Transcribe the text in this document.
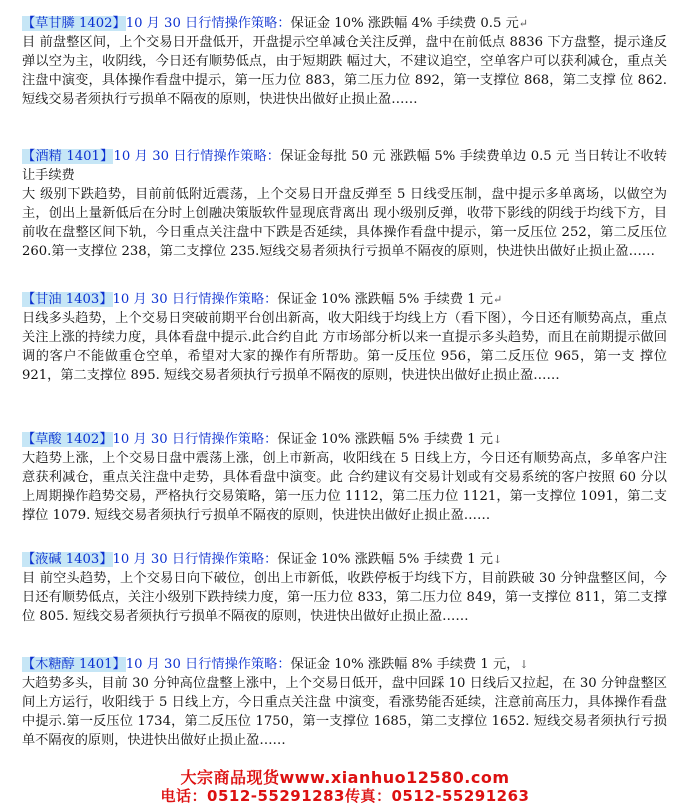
【草甘膦 1402】10 月 30 日行情操作策略：保证金 10% 涨跌幅 4% 手续费 0.5 元↵

目 前盘整区间，上个交易日开盘低开，开盘提示空单减仓关注反弹，盘中在前低点 8836 下方盘整，提示逢反弹以空为主，收阴线，今日还有顺势低点，由于短期跌 幅过大，不建议追空，空单客户可以获利减仓，重点关注盘中演变，具体操作看盘中提示，第一压力位 883，第二压力位 892，第一支撑位 868，第二支撑 位 862.短线交易者须执行亏损单不隔夜的原则，快进快出做好止损止盈……

【酒精 1401】10 月 30 日行情操作策略：保证金每批 50 元 涨跌幅 5% 手续费单边 0.5 元 当日转让不收转让手续费

大 级别下跌趋势，目前前低附近震荡，上个交易日开盘反弹至 5 日线受压制，盘中提示多单离场，以做空为主，创出上量新低后在分时上创融决策版软件显现底背离出 现小级别反弹，收带下影线的阴线于均线下方，目前收在盘整区间下轨，今日重点关注盘中下跌是否延续，具体操作看盘中提示，第一反压位 252，第二反压位 260.第一支撑位 238，第二支撑位 235.短线交易者须执行亏损单不隔夜的原则，快进快出做好止损止盈……

【甘油 1403】10 月 30 日行情操作策略：保证金 10% 涨跌幅 5% 手续费 1 元↵

日线多头趋势，上个交易日突破前期平台创出新高，收大阳线于均线上方（看下图），今日还有顺势高点，重点关注上涨的持续力度，具体看盘中提示.此合约自此 方市场部分析以来一直提示多头趋势，而且在前期提示做回调的客户不能做重仓空单，希望对大家的操作有所帮助。第一反压位 956，第二反压位 965，第一支 撑位 921，第二支撑位 895. 短线交易者须执行亏损单不隔夜的原则，快进快出做好止损止盈……

【草酸 1402】10 月 30 日行情操作策略：保证金 10% 涨跌幅 5% 手续费 1 元↓

大趋势上涨，上个交易日盘中震荡上涨，创上市新高，收阳线在 5 日线上方，今日还有顺势高点，多单客户注意获利减仓，重点关注盘中走势，具体看盘中演变。此 合约建议有交易计划或有交易系统的客户按照 60 分以上周期操作趋势交易，严格执行交易策略，第一压力位 1112，第二压力位 1121，第一支撑位 1091，第二支撑位 1079. 短线交易者须执行亏损单不隔夜的原则，快进快出做好止损止盈……

【液碱 1403】10 月 30 日行情操作策略：保证金 10% 涨跌幅 5% 手续费 1 元↓

目 前空头趋势，上个交易日向下破位，创出上市新低，收跌停板于均线下方，目前跌破 30 分钟盘整区间，今日还有顺势低点，关注小级别下跌持续力度，第一压力位 833，第二压力位 849，第一支撑位 811，第二支撑位 805. 短线交易者须执行亏损单不隔夜的原则，快进快出做好止损止盈……

【木糖醇 1401】10 月 30 日行情操作策略：保证金 10% 涨跌幅 8% 手续费 1 元，↓

大趋势多头，目前 30 分钟高位盘整上涨中，上个交易日低开，盘中回踩 10 日线后又拉起，在 30 分钟盘整区间上方运行，收阳线于 5 日线上方，今日重点关注盘 中演变，看涨势能否延续，注意前高压力，具体操作看盘中提示.第一反压位 1734，第二反压位 1750，第一支撑位 1685，第二支撑位 1652. 短线交易者须执行亏损单不隔夜的原则，快进快出做好止损止盈……

大宗商品现货www.xianhuo12580.com
电话：0512-55291283传真：0512-55291263
